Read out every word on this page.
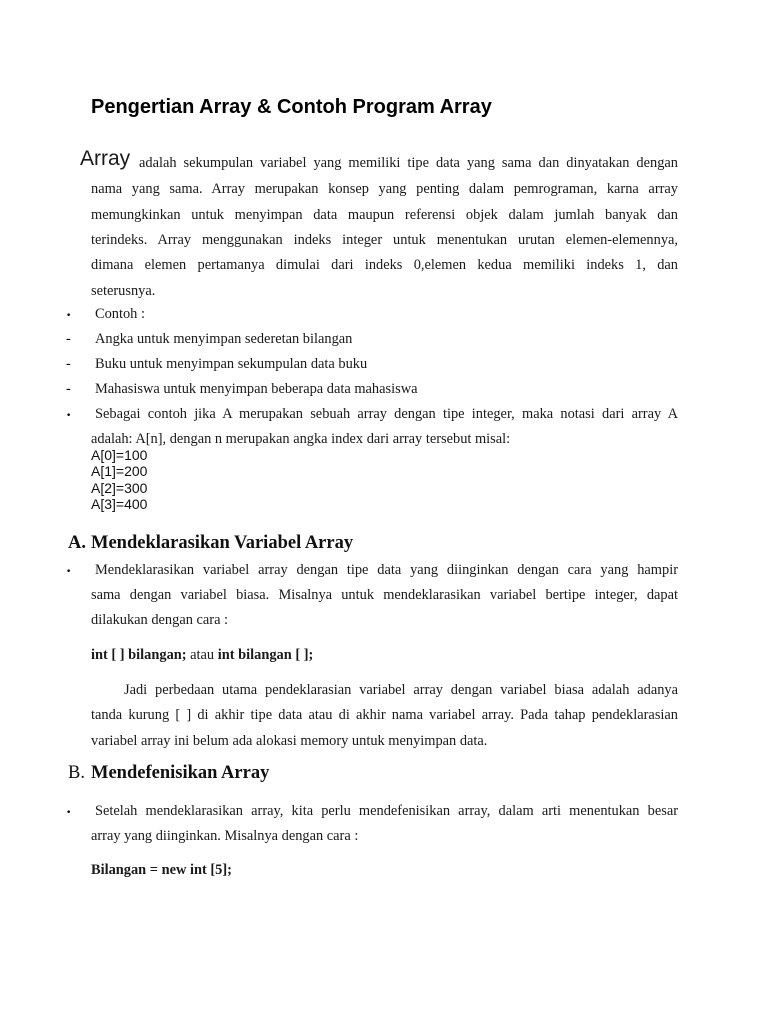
Pengertian Array & Contoh Program Array
Array adalah sekumpulan variabel yang memiliki tipe data yang sama dan dinyatakan dengan
nama yang sama. Array merupakan konsep yang penting dalam pemrograman, karna array
memungkinkan untuk menyimpan data maupun referensi objek dalam jumlah banyak dan
terindeks. Array menggunakan indeks integer untuk menentukan urutan elemen-elemennya,
dimana elemen pertamanya dimulai dari indeks 0,elemen kedua memiliki indeks 1, dan
seterusnya.
• Contoh :
- Angka untuk menyimpan sederetan bilangan
- Buku untuk menyimpan sekumpulan data buku
- Mahasiswa untuk menyimpan beberapa data mahasiswa
• Sebagai contoh jika A merupakan sebuah array dengan tipe integer, maka notasi dari array A
adalah: A[n], dengan n merupakan angka index dari array tersebut misal:
A[0]=100
A[1]=200
A[2]=300
A[3]=400
A. Mendeklarasikan Variabel Array
• Mendeklarasikan variabel array dengan tipe data yang diinginkan dengan cara yang hampir
sama dengan variabel biasa. Misalnya untuk mendeklarasikan variabel bertipe integer, dapat
dilakukan dengan cara :
int [ ] bilangan; atau int bilangan [ ];
Jadi perbedaan utama pendeklarasian variabel array dengan variabel biasa adalah adanya
tanda kurung [ ] di akhir tipe data atau di akhir nama variabel array. Pada tahap pendeklarasian
variabel array ini belum ada alokasi memory untuk menyimpan data.
B. Mendefenisikan Array
• Setelah mendeklarasikan array, kita perlu mendefenisikan array, dalam arti menentukan besar
array yang diinginkan. Misalnya dengan cara :
Bilangan = new int [5];
